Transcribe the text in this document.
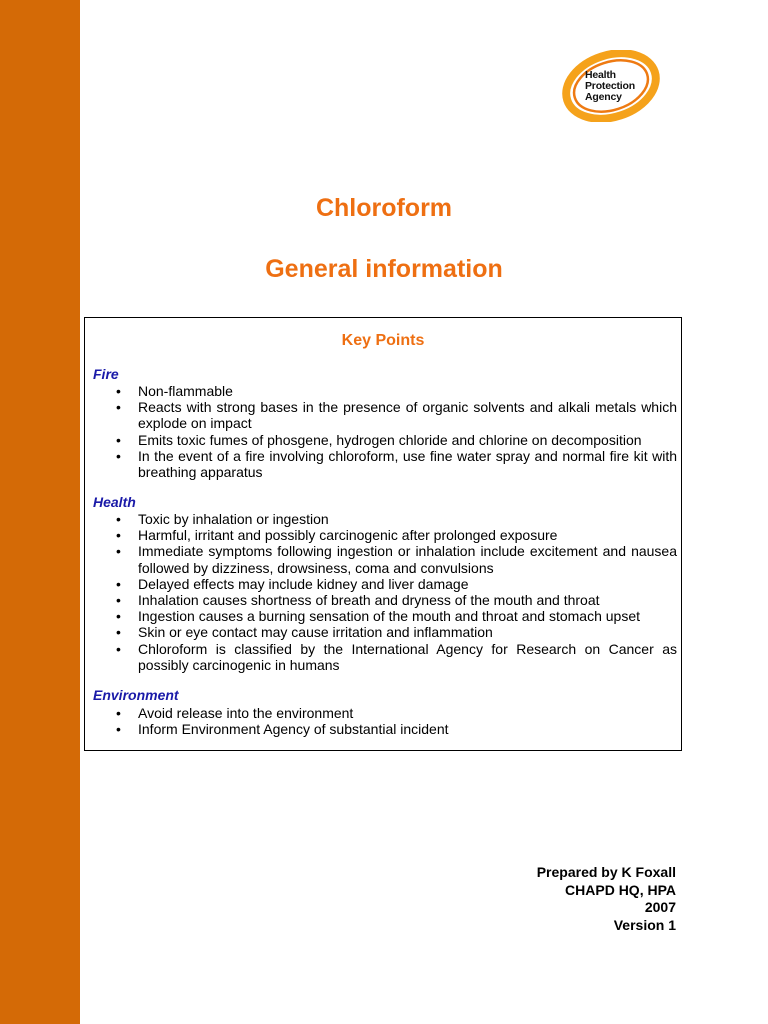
Health
Protection
Agency
Chloroform
General information
Key Points
Fire
• Non-flammable
• Reacts with strong bases in the presence of organic solvents and alkali metals which explode on impact
• Emits toxic fumes of phosgene, hydrogen chloride and chlorine on decomposition
• In the event of a fire involving chloroform, use fine water spray and normal fire kit with breathing apparatus
Health
• Toxic by inhalation or ingestion
• Harmful, irritant and possibly carcinogenic after prolonged exposure
• Immediate symptoms following ingestion or inhalation include excitement and nausea followed by dizziness, drowsiness, coma and convulsions
• Delayed effects may include kidney and liver damage
• Inhalation causes shortness of breath and dryness of the mouth and throat
• Ingestion causes a burning sensation of the mouth and throat and stomach upset
• Skin or eye contact may cause irritation and inflammation
• Chloroform is classified by the International Agency for Research on Cancer as possibly carcinogenic in humans
Environment
• Avoid release into the environment
• Inform Environment Agency of substantial incident
Prepared by K Foxall
CHAPD HQ, HPA
2007
Version 1
